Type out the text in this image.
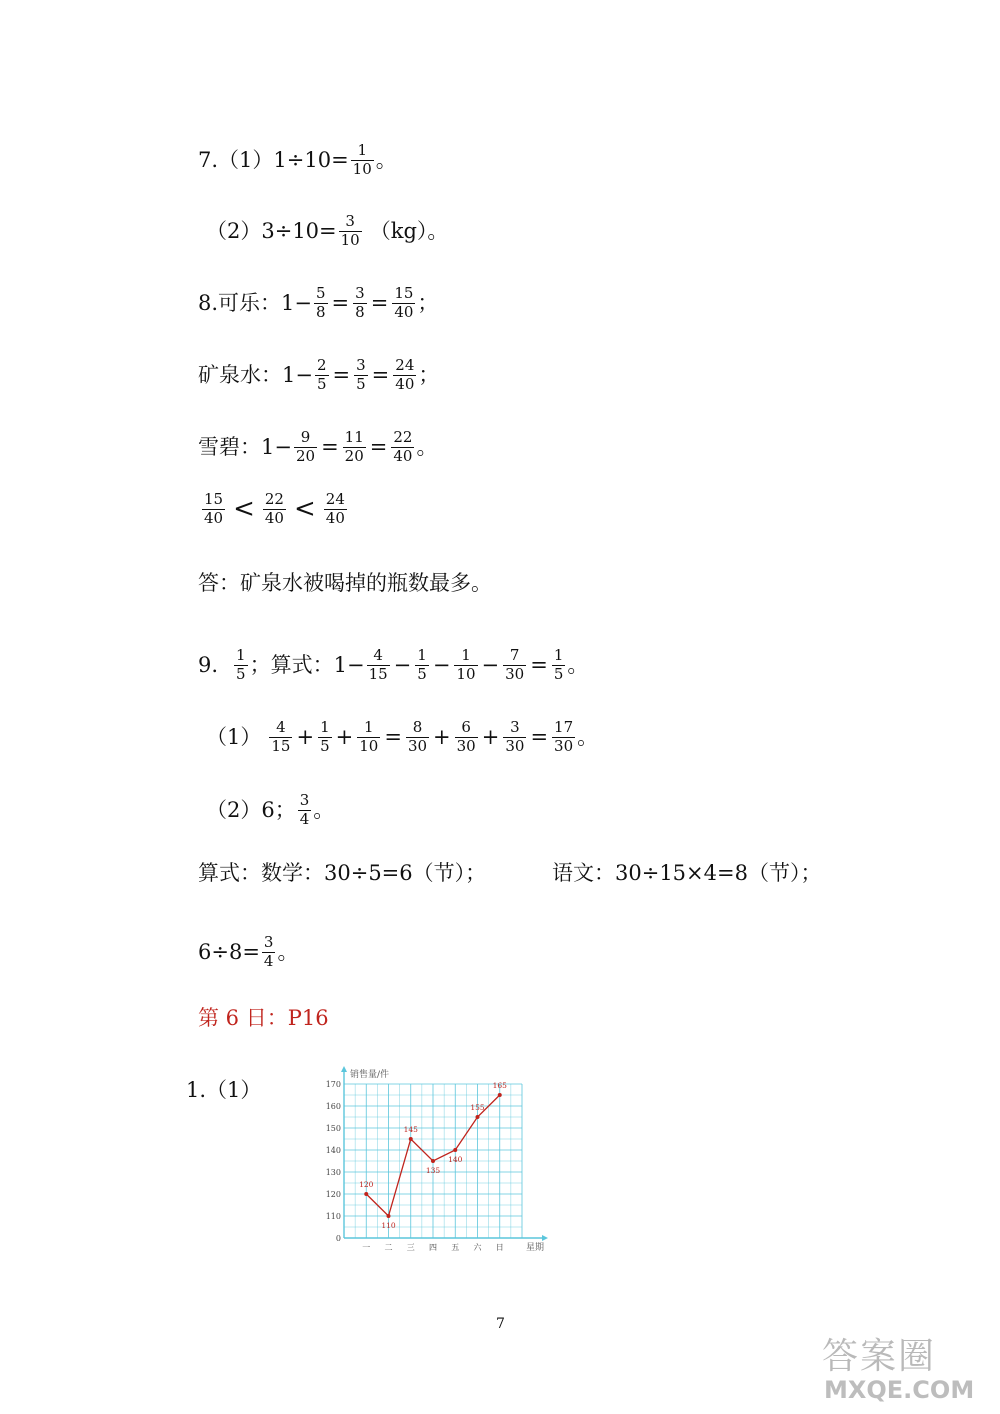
$7.(1)1\div 10= \frac{1}{10}$ 。
$(2)3\div 10= \frac{3}{10} (kg)$。
8.可乐：$1- \frac{5}{8} = \frac{3}{8} = \frac{15}{40}$ ；
矿泉水：$1- \frac{2}{5} = \frac{3}{5} = \frac{24}{40}$ ；
雪碧：$1- \frac{9}{20} = \frac{11}{20} = \frac{22}{40}$ 。
$\frac{15}{40} < \frac{22}{40} < \frac{24}{40}$
答：矿泉水被喝掉的瓶数最多。
9. $\frac{1}{5}$ ；算式：$1- \frac{4}{15} - \frac{1}{5} - \frac{1}{10} - \frac{7}{30} = \frac{1}{5}$ 。
$(1) \frac{4}{15} + \frac{1}{5} + \frac{1}{10} = \frac{8}{30} + \frac{6}{30} + \frac{3}{30} = \frac{17}{30}$ 。
（2）6； $\frac{3}{4}$ 。
算式：数学：30÷5=6（节）；	语文：30÷15×4=8（节）；
$6\div 8= \frac{3}{4}$ 。
第 6 日：P16
1.（1）
0
110
120
130
140
150
160
170
一 二 三 四 五 六 日
120
110
145
135
140
155
165
销售量/件
星期
7
答案圈
MXQE.COM
